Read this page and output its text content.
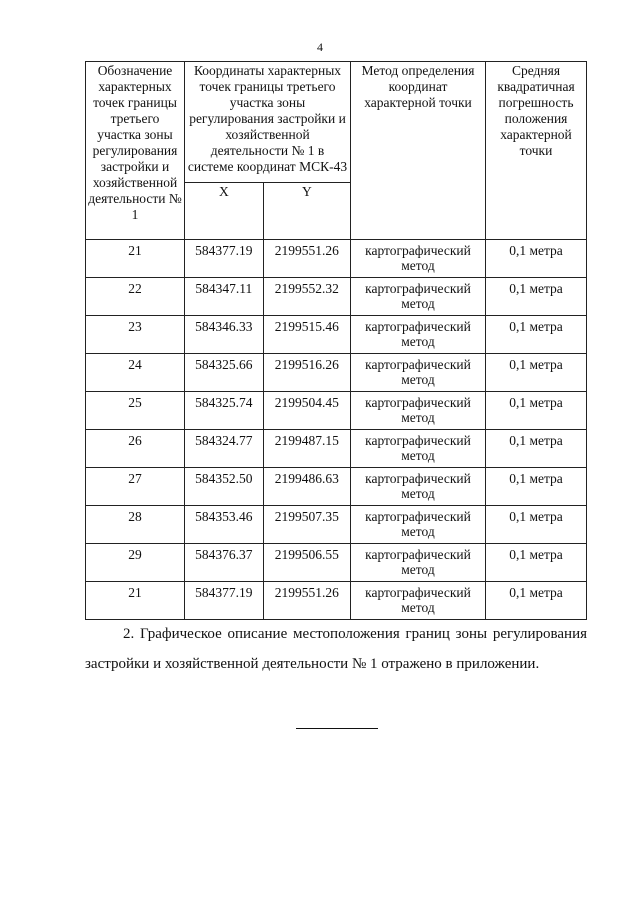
4
Обозначение характерных точек границы третьего участка зоны регулирования застройки и хозяйственной деятельности № 1	Координаты характерных точек границы третьего участка зоны регулирования застройки и хозяйственной деятельности № 1 в системе координат МСК-43		Метод определения координат характерной точки	Средняя квадратичная погрешность положения характерной точки
	X	Y		
21	584377.19	2199551.26	картографический метод	0,1 метра
22	584347.11	2199552.32	картографический метод	0,1 метра
23	584346.33	2199515.46	картографический метод	0,1 метра
24	584325.66	2199516.26	картографический метод	0,1 метра
25	584325.74	2199504.45	картографический метод	0,1 метра
26	584324.77	2199487.15	картографический метод	0,1 метра
27	584352.50	2199486.63	картографический метод	0,1 метра
28	584353.46	2199507.35	картографический метод	0,1 метра
29	584376.37	2199506.55	картографический метод	0,1 метра
21	584377.19	2199551.26	картографический метод	0,1 метра
2. Графическое описание местоположения границ зоны регулирования застройки и хозяйственной деятельности № 1 отражено в приложении.
